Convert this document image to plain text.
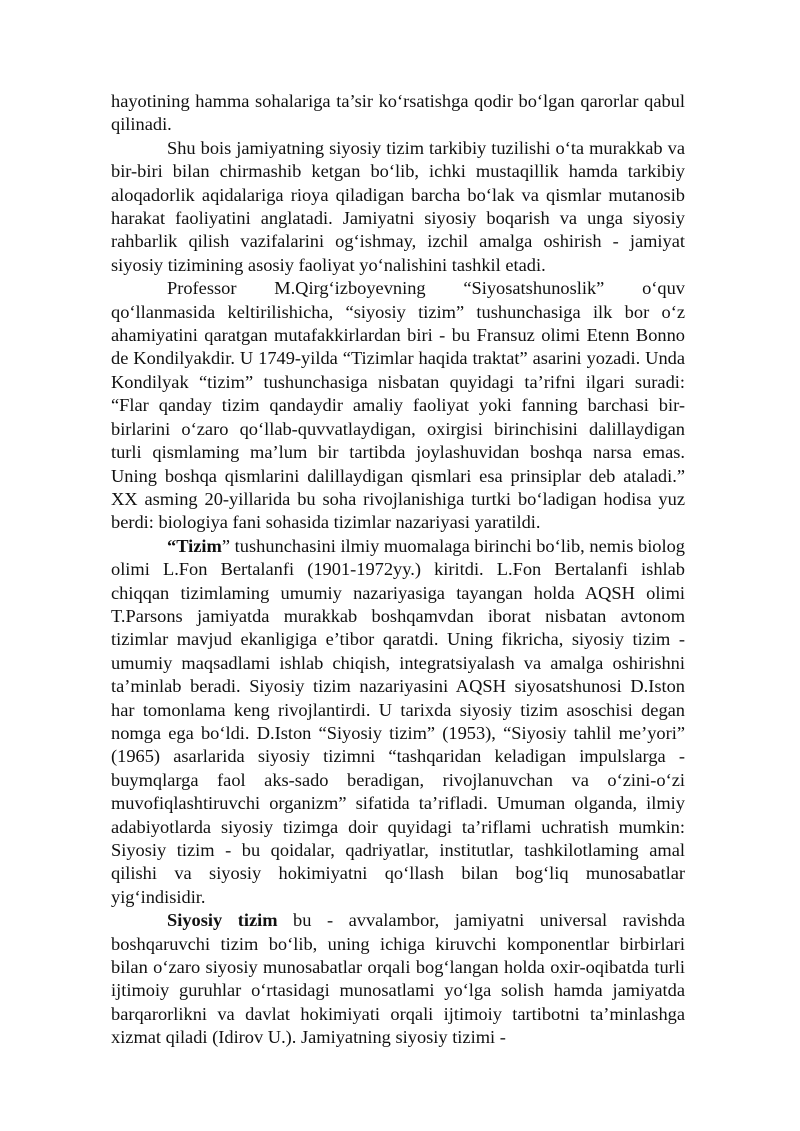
hayotining hamma sohalariga ta’sir ko‘rsatishga qodir bo‘lgan qarorlar qabul qilinadi.

Shu bois jamiyatning siyosiy tizim tarkibiy tuzilishi o‘ta murakkab va bir-biri bilan chirmashib ketgan bo‘lib, ichki mustaqillik hamda tarkibiy aloqadorlik aqidalariga rioya qiladigan barcha bo‘lak va qismlar mutanosib harakat faoliyatini anglatadi. Jamiyatni siyosiy boqarish va unga siyosiy rahbarlik qilish vazifalarini og‘ishmay, izchil amalga oshirish - jamiyat siyosiy tizimining asosiy faoliyat yo‘nalishini tashkil etadi.

Professor M.Qirg‘izboyevning “Siyosatshunoslik” o‘quv qo‘llanmasida keltirilishicha, “siyosiy tizim” tushunchasiga ilk bor o‘z ahamiyatini qaratgan mutafakkirlardan biri - bu Fransuz olimi Etenn Bonno de Kondilyakdir. U 1749-yilda “Tizimlar haqida traktat” asarini yozadi. Unda Kondilyak “tizim” tushunchasiga nisbatan quyidagi ta’rifni ilgari suradi: “Flar qanday tizim qandaydir amaliy faoliyat yoki fanning barchasi bir-birlarini o‘zaro qo‘llab-quvvatlaydigan, oxirgisi birinchisini dalillaydigan turli qismlaming ma’lum bir tartibda joylashuvidan boshqa narsa emas. Uning boshqa qismlarini dalillaydigan qismlari esa prinsiplar deb ataladi.” XX asming 20-yillarida bu soha rivojlanishiga turtki bo‘ladigan hodisa yuz berdi: biologiya fani sohasida tizimlar nazariyasi yaratildi.

“Tizim” tushunchasini ilmiy muomalaga birinchi bo‘lib, nemis biolog olimi L.Fon Bertalanfi (1901-1972yy.) kiritdi. L.Fon Bertalanfi ishlab chiqqan tizimlaming umumiy nazariyasiga tayangan holda AQSH olimi T.Parsons jamiyatda murakkab boshqamvdan iborat nisbatan avtonom tizimlar mavjud ekanligiga e’tibor qaratdi. Uning fikricha, siyosiy tizim - umumiy maqsadlami ishlab chiqish, integratsiyalash va amalga oshirishni ta’minlab beradi. Siyosiy tizim nazariyasini AQSH siyosatshunosi D.Iston har tomonlama keng rivojlantirdi. U tarixda siyosiy tizim asoschisi degan nomga ega bo‘ldi. D.Iston “Siyosiy tizim” (1953), “Siyosiy tahlil me’yori” (1965) asarlarida siyosiy tizimni “tashqaridan keladigan impulslarga - buymqlarga faol aks-sado beradigan, rivojlanuvchan va o‘zini-o‘zi muvofiqlashtiruvchi organizm” sifatida ta’rifladi. Umuman olganda, ilmiy adabiyotlarda siyosiy tizimga doir quyidagi ta’riflami uchratish mumkin: Siyosiy tizim - bu qoidalar, qadriyatlar, institutlar, tashkilotlaming amal qilishi va siyosiy hokimiyatni qo‘llash bilan bog‘liq munosabatlar yig‘indisidir.

Siyosiy tizim bu - avvalambor, jamiyatni universal ravishda boshqaruvchi tizim bo‘lib, uning ichiga kiruvchi komponentlar birbirlari bilan o‘zaro siyosiy munosabatlar orqali bog‘langan holda oxir-oqibatda turli ijtimoiy guruhlar o‘rtasidagi munosatlami yo‘lga solish hamda jamiyatda barqarorlikni va davlat hokimiyati orqali ijtimoiy tartibotni ta’minlashga xizmat qiladi (Idirov U.). Jamiyatning siyosiy tizimi -
